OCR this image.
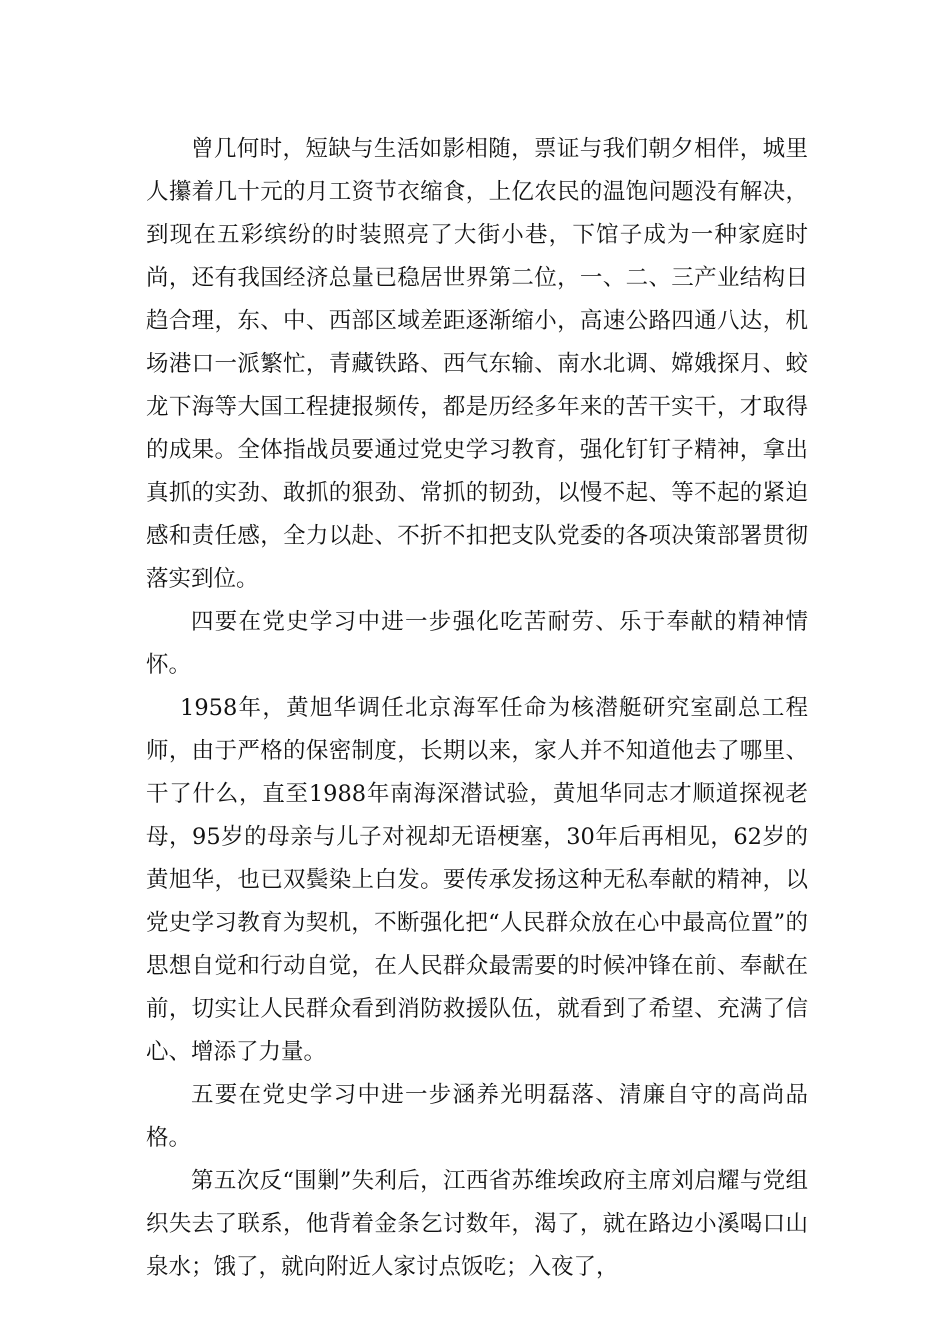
曾几何时，短缺与生活如影相随，票证与我们朝夕相伴，城里人攥着几十元的月工资节衣缩食，上亿农民的温饱问题没有解决，到现在五彩缤纷的时装照亮了大街小巷，下馆子成为一种家庭时尚，还有我国经济总量已稳居世界第二位，一、二、三产业结构日趋合理，东、中、西部区域差距逐渐缩小，高速公路四通八达，机场港口一派繁忙，青藏铁路、西气东输、南水北调、嫦娥探月、蛟龙下海等大国工程捷报频传，都是历经多年来的苦干实干，才取得的成果。全体指战员要通过党史学习教育，强化钉钉子精神，拿出真抓的实劲、敢抓的狠劲、常抓的韧劲，以慢不起、等不起的紧迫感和责任感，全力以赴、不折不扣把支队党委的各项决策部署贯彻落实到位。

四要在党史学习中进一步强化吃苦耐劳、乐于奉献的精神情怀。

1958年，黄旭华调任北京海军任命为核潜艇研究室副总工程师，由于严格的保密制度，长期以来，家人并不知道他去了哪里、干了什么，直至1988年南海深潜试验，黄旭华同志才顺道探视老母，95岁的母亲与儿子对视却无语梗塞，30年后再相见，62岁的黄旭华，也已双鬓染上白发。要传承发扬这种无私奉献的精神，以党史学习教育为契机，不断强化把“人民群众放在心中最高位置”的思想自觉和行动自觉，在人民群众最需要的时候冲锋在前、奉献在前，切实让人民群众看到消防救援队伍，就看到了希望、充满了信心、增添了力量。

五要在党史学习中进一步涵养光明磊落、清廉自守的高尚品格。

第五次反“围剿”失利后，江西省苏维埃政府主席刘启耀与党组织失去了联系，他背着金条乞讨数年，渴了，就在路边小溪喝口山泉水；饿了，就向附近人家讨点饭吃；入夜了，
